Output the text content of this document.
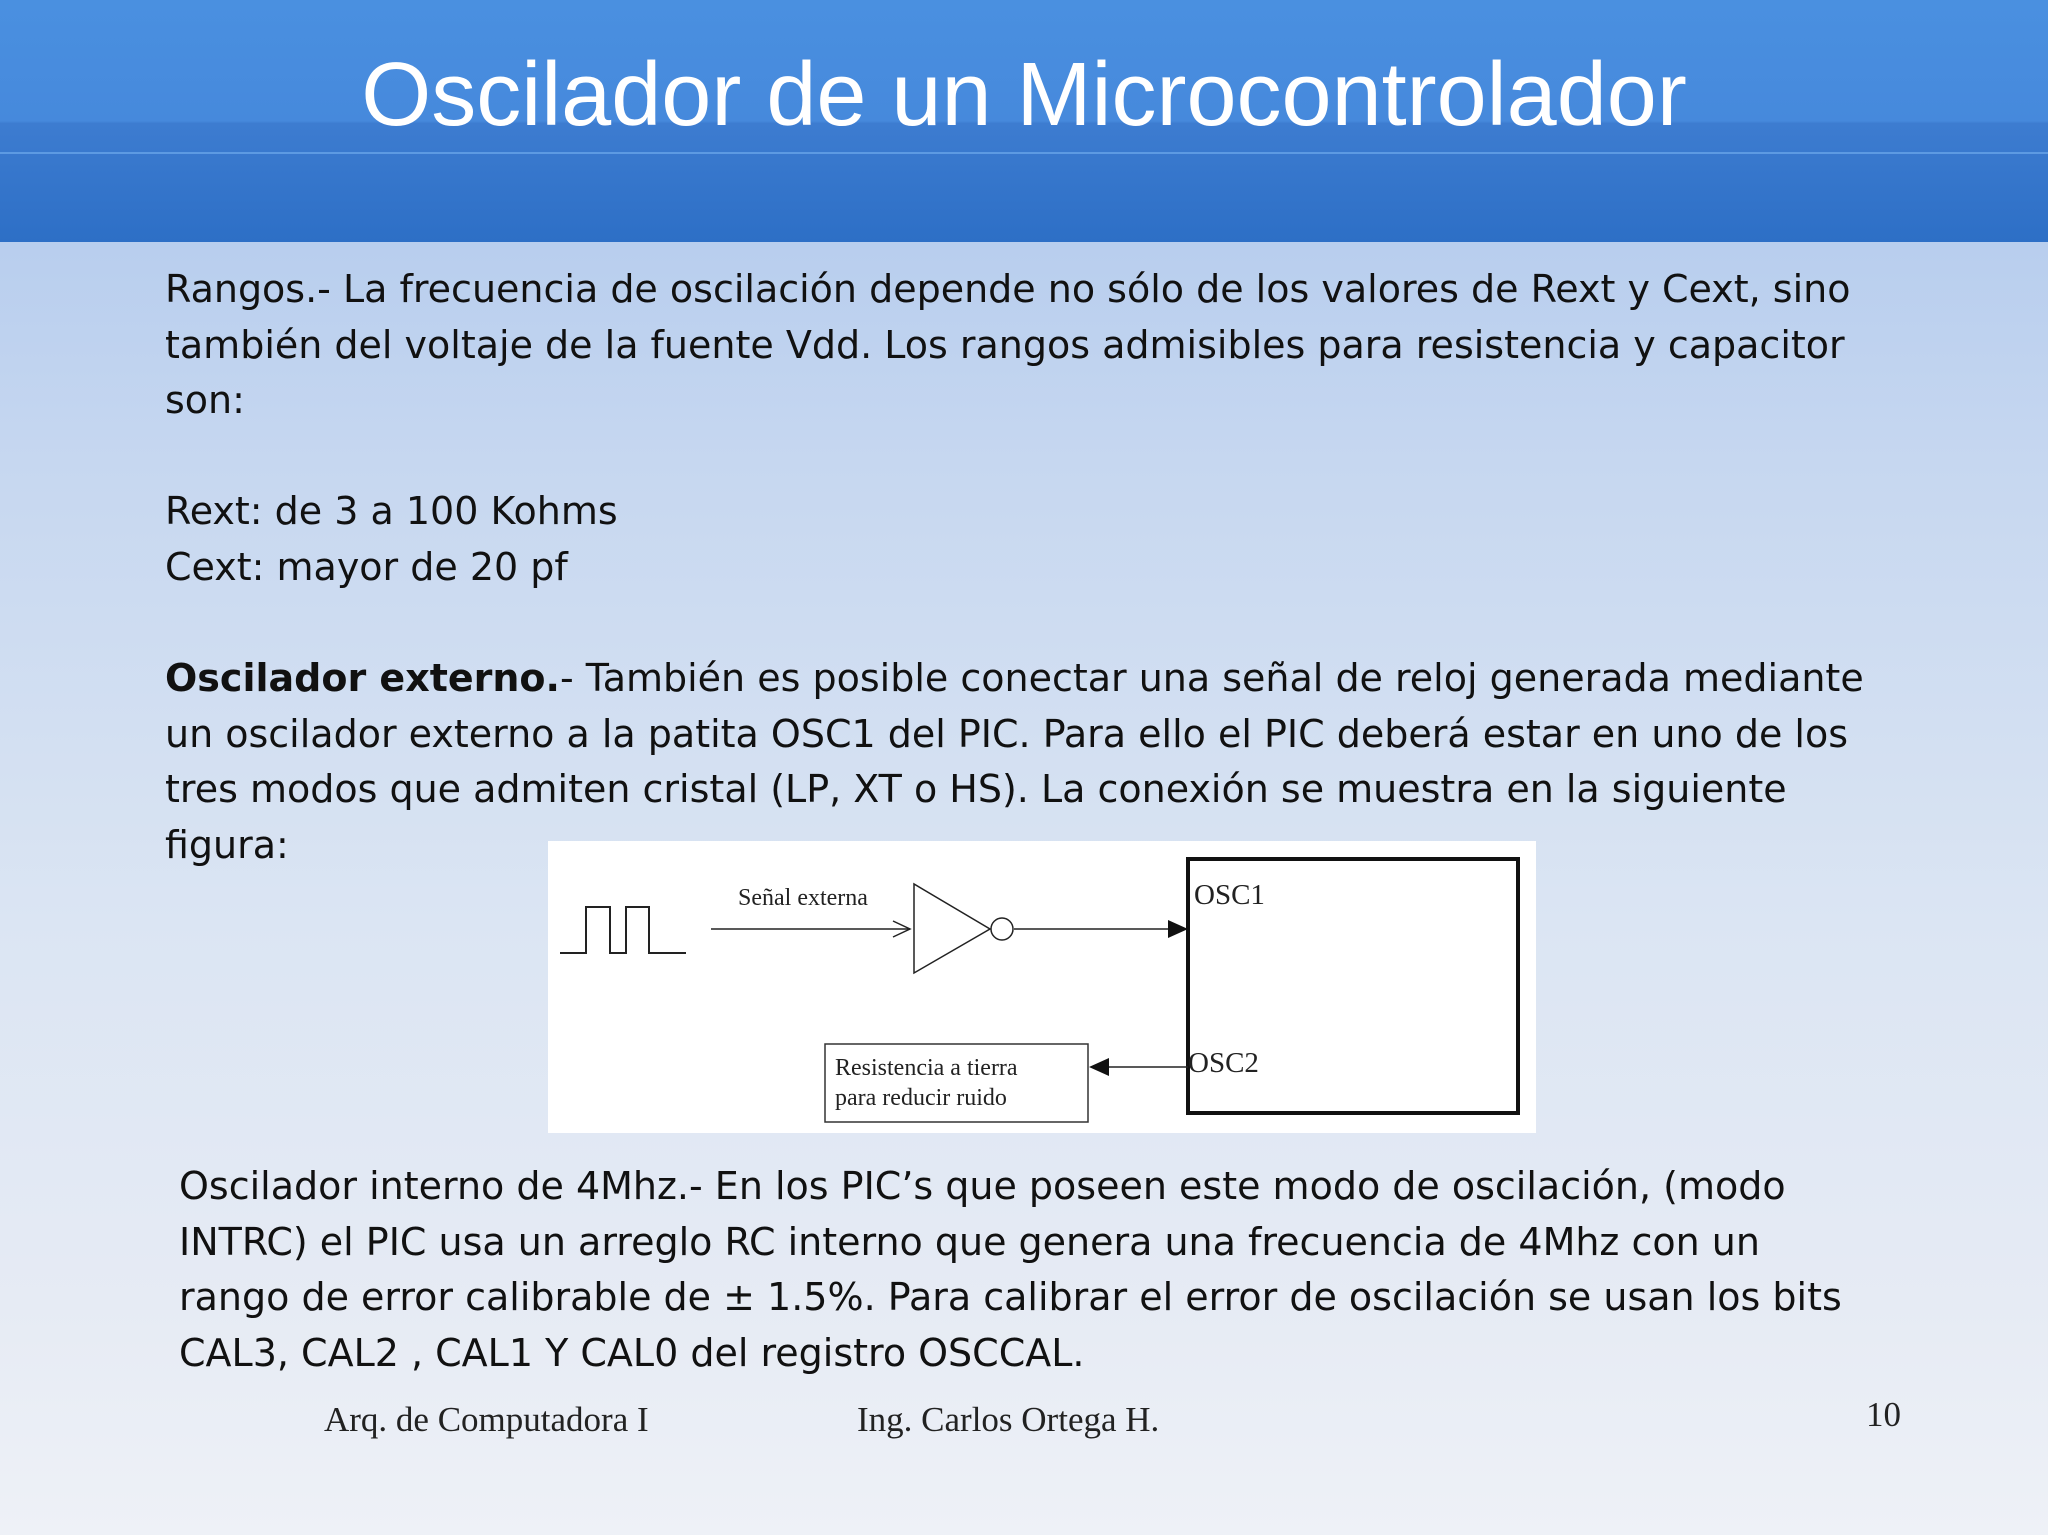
Oscilador de un Microcontrolador

Rangos.- La frecuencia de oscilación depende no sólo de los valores de Rext y Cext, sino

también del voltaje de la fuente Vdd. Los rangos admisibles para resistencia y capacitor

son:

Rext: de 3 a 100 Kohms

Cext: mayor de 20 pf

Oscilador externo.- También es posible conectar una señal de reloj generada mediante

un oscilador externo a la patita OSC1 del PIC. Para ello el PIC deberá estar en uno de los

tres modos que admiten cristal (LP, XT o HS). La conexión se muestra en la siguiente

figura:

Señal externa	OSC1
OSC2
Resistencia a tierra
para reducir ruido

Oscilador interno de 4Mhz.- En los PIC’s que poseen este modo de oscilación, (modo

INTRC) el PIC usa un arreglo RC interno que genera una frecuencia de 4Mhz con un

rango de error calibrable de ± 1.5%. Para calibrar el error de oscilación se usan los bits

CAL3, CAL2 , CAL1 Y CAL0 del registro OSCCAL.

Arq. de Computadora I	Ing. Carlos Ortega H.	10
